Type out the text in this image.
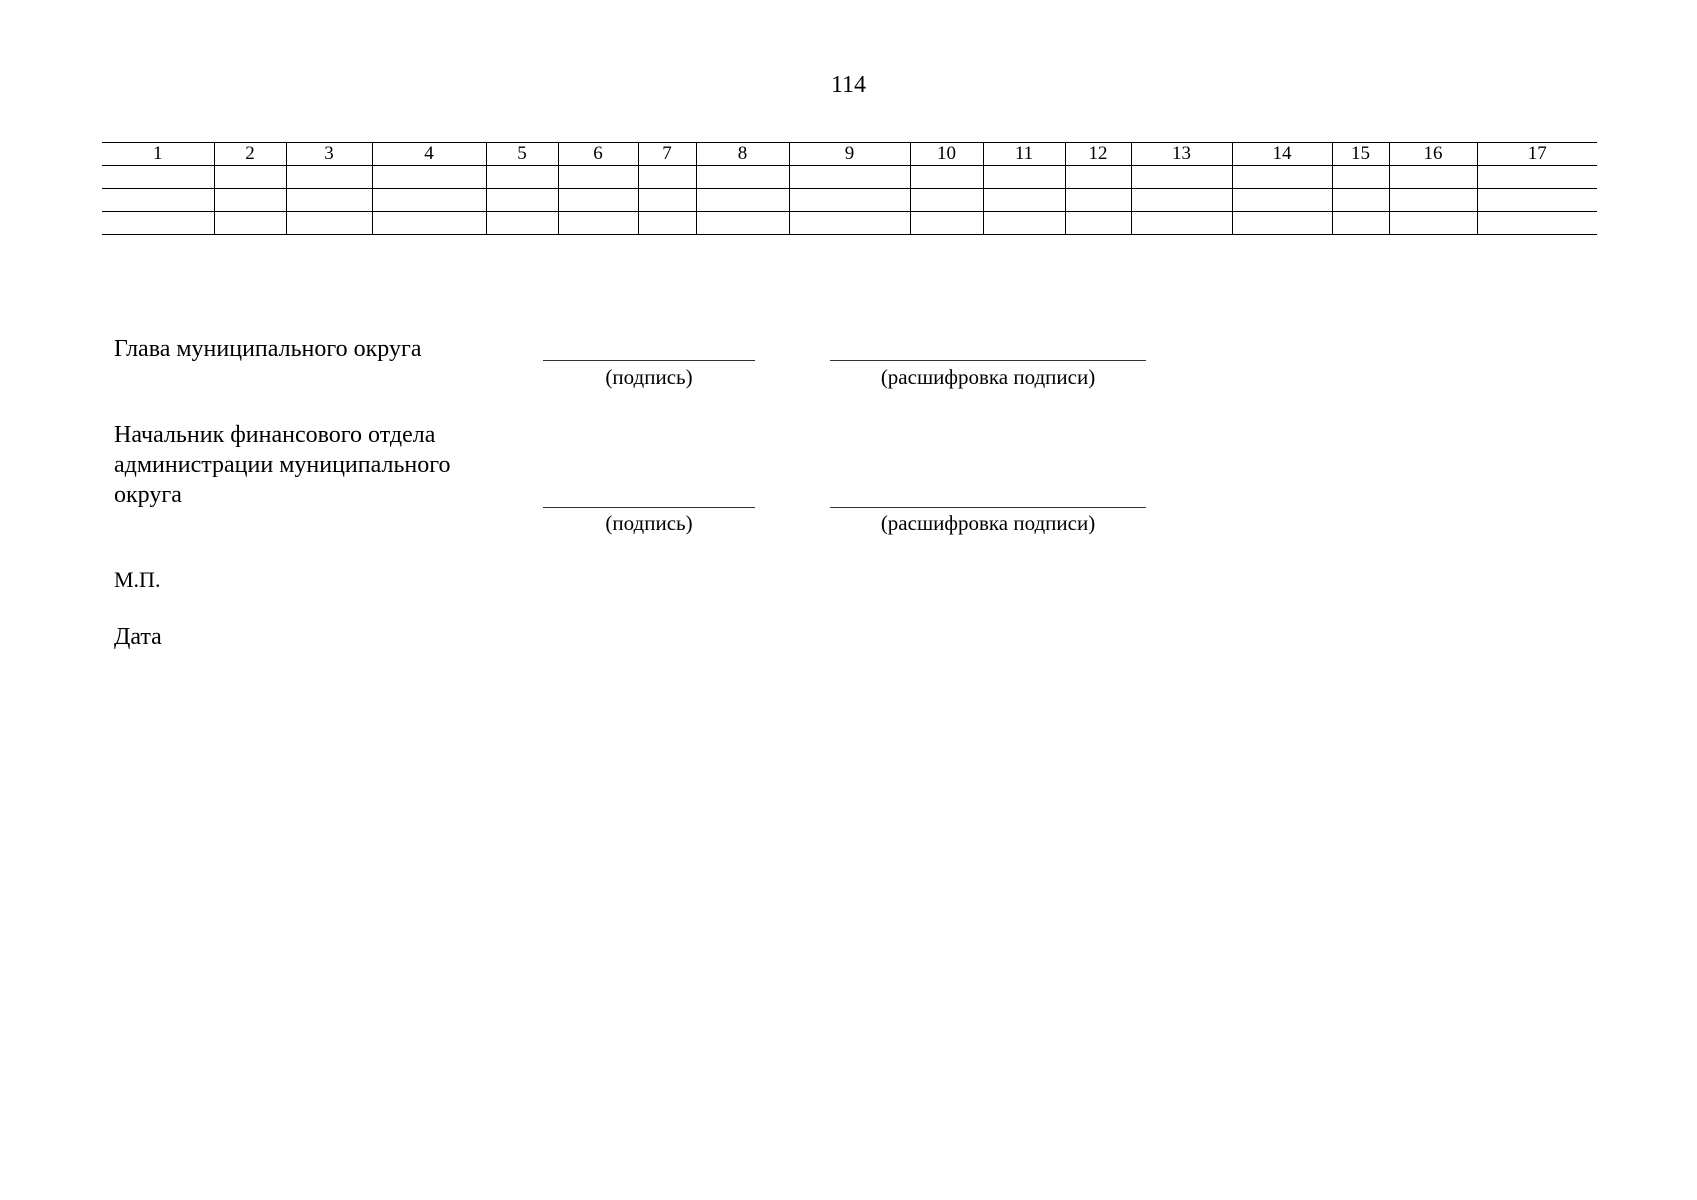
114
1	2	3	4	5	6	7	8	9	10	11	12	13	14	15	16	17

Глава муниципального округа
(подпись)	(расшифровка подписи)
Начальник финансового отдела
администрации муниципального
округа
(подпись)	(расшифровка подписи)
М.П.
Дата
